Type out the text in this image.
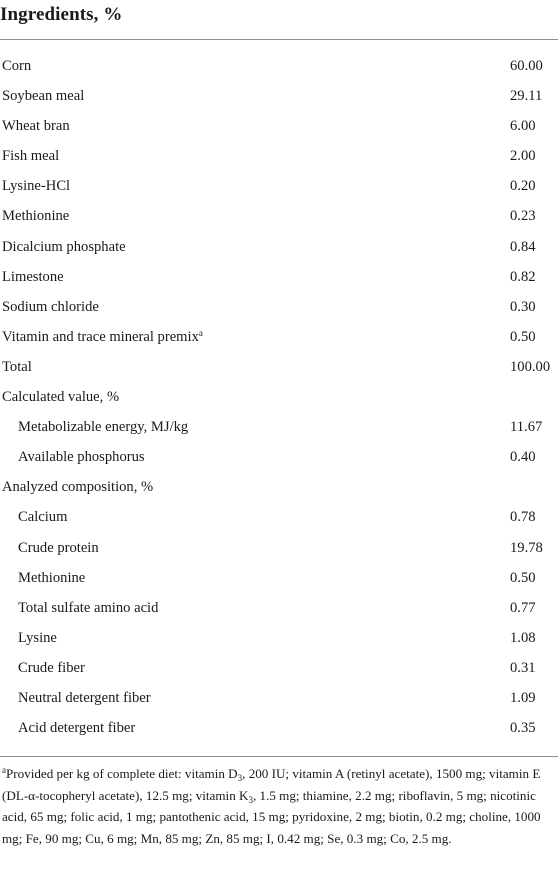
Ingredients, %
Corn	60.00
Soybean meal	29.11
Wheat bran	6.00
Fish meal	2.00
Lysine-HCl	0.20
Methionine	0.23
Dicalcium phosphate	0.84
Limestone	0.82
Sodium chloride	0.30
Vitamin and trace mineral premix$^a$	0.50
Total	100.00
Calculated value, %
Metabolizable energy, MJ/kg	11.67
Available phosphorus	0.40
Analyzed composition, %
Calcium	0.78
Crude protein	19.78
Methionine	0.50
Total sulfate amino acid	0.77
Lysine	1.08
Crude fiber	0.31
Neutral detergent fiber	1.09
Acid detergent fiber	0.35
$^a$Provided per kg of complete diet: vitamin $D_3$, 200 IU; vitamin A (retinyl acetate), 1500 mg; vitamin E (DL-α-tocopheryl acetate), 12.5 mg; vitamin $K_3$, 1.5 mg; thiamine, 2.2 mg; riboflavin, 5 mg; nicotinic acid, 65 mg; folic acid, 1 mg; pantothenic acid, 15 mg; pyridoxine, 2 mg; biotin, 0.2 mg; choline, 1000 mg; Fe, 90 mg; Cu, 6 mg; Mn, 85 mg; Zn, 85 mg; I, 0.42 mg; Se, 0.3 mg; Co, 2.5 mg.
